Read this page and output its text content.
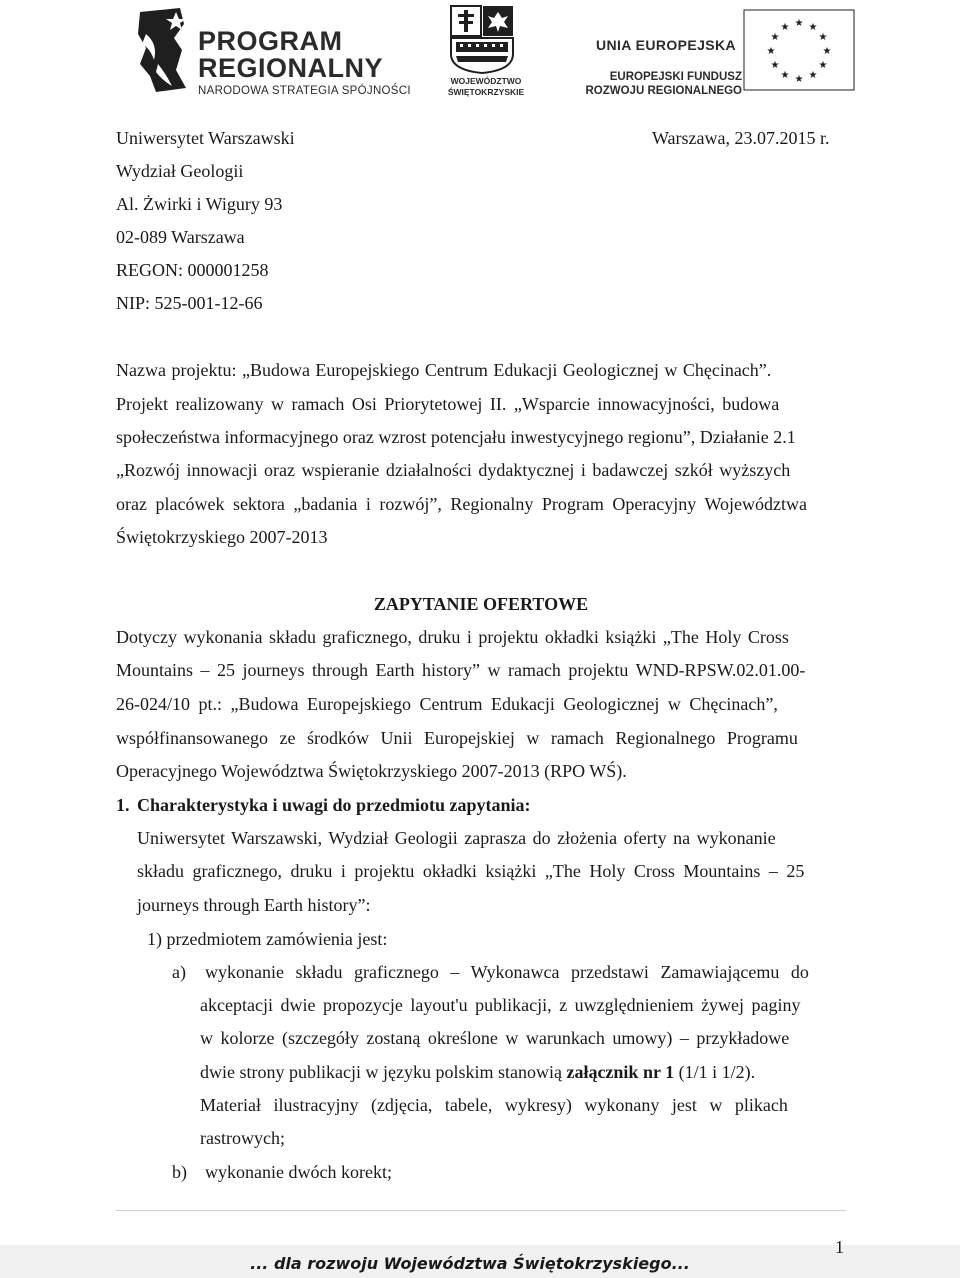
PROGRAM
REGIONALNY
NARODOWA STRATEGIA SPÓJNOŚCI
WOJEWÓDZTWO
ŚWIĘTOKRZYSKIE
UNIA EUROPEJSKA
EUROPEJSKI FUNDUSZ
ROZWOJU REGIONALNEGO
★ ★
★
★
★
★
★
★
★
★
★
★
Uniwersytet Warszawski
Wydział Geologii
Al. Żwirki i Wigury 93
02-089 Warszawa
REGON: 000001258
NIP: 525-001-12-66
Warszawa, 23.07.2015 r.
Nazwa projektu: „Budowa Europejskiego Centrum Edukacji Geologicznej w Chęcinach”.
Projekt realizowany w ramach Osi Priorytetowej II. „Wsparcie innowacyjności, budowa
społeczeństwa informacyjnego oraz wzrost potencjału inwestycyjnego regionu”, Działanie 2.1
„Rozwój innowacji oraz wspieranie działalności dydaktycznej i badawczej szkół wyższych
oraz placówek sektora „badania i rozwój”, Regionalny Program Operacyjny Województwa
Świętokrzyskiego 2007-2013
ZAPYTANIE OFERTOWE
Dotyczy wykonania składu graficznego, druku i projektu okładki książki „The Holy Cross
Mountains – 25 journeys through Earth history” w ramach projektu WND-RPSW.02.01.00-
26-024/10 pt.: „Budowa Europejskiego Centrum Edukacji Geologicznej w Chęcinach”,
współfinansowanego ze środków Unii Europejskiej w ramach Regionalnego Programu
Operacyjnego Województwa Świętokrzyskiego 2007-2013 (RPO WŚ).
1. Charakterystyka i uwagi do przedmiotu zapytania:
Uniwersytet Warszawski, Wydział Geologii zaprasza do złożenia oferty na wykonanie
składu graficznego, druku i projektu okładki książki „The Holy Cross Mountains – 25
journeys through Earth history”:
1) przedmiotem zamówienia jest:
a) wykonanie składu graficznego – Wykonawca przedstawi Zamawiającemu do
akceptacji dwie propozycje layout'u publikacji, z uwzględnieniem żywej paginy
w kolorze (szczegóły zostaną określone w warunkach umowy) – przykładowe
dwie strony publikacji w języku polskim stanowią załącznik nr 1 (1/1 i 1/2).
Materiał ilustracyjny (zdjęcia, tabele, wykresy) wykonany jest w plikach
rastrowych;
b) wykonanie dwóch korekt;
... dla rozwoju Województwa Świętokrzyskiego...
1
